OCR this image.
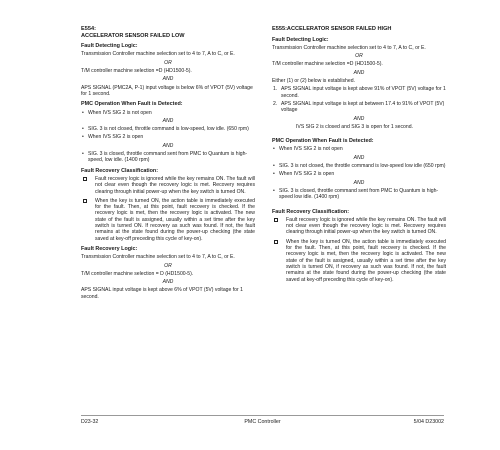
E554:
ACCELERATOR SENSOR FAILED LOW
Fault Detecting Logic:

Transmission Controller machine selection set to 4 to 7, A to C, or E.

OR

T/M controller machine selection =D (HD1500-5).

AND

APS SIGNAL (PMC2A, P-1) input voltage is below 6% of VPOT (5V) voltage for 1 second.

PMC Operation When Fault is Detected:
• When IVS SIG 2 is not open
AND
• SIG. 3 is not closed, throttle command is low-speed, low idle. (650 rpm)
• When IVS SIG 2 is open
AND
• SIG. 3 is closed, throttle command sent from PMC to Quantum is high-speed, low idle. (1400 rpm)
Fault Recovery Classification:
Fault recovery logic is ignored while the key remains ON. The fault will not clear even though the recovery logic is met. Recovery requires clearing through initial power-up when the key switch is turned ON.
When the key is turned ON, the action table is immediately executed for the fault. Then, at this point, fault recovery is checked. If the recovery logic is met, then the recovery logic is activated. The new state of the fault is assigned, usually within a set time after the key switch is turned ON. If recovery as such was found. If not, the fault remains at the state found during the power-up checking (the state saved at key-off preceding this cycle of key-on).
Fault Recovery Logic:

Transmission Controller machine selection set to 4 to 7, A to C, or E.

OR

T/M controller machine selection = D (HD1500-5).

AND

APS SIGNAL input voltage is kept above 6% of VPOT (5V) voltage for 1 second.

E555:ACCELERATOR SENSOR FAILED HIGH
Fault Detecting Logic:

Transmission Controller machine selection set to 4 to 7, A to C, or E.

OR

T/M controller machine selection =D (HD1500-5).

AND

Either (1) or (2) below is established.

1. APS SIGNAL input voltage is kept above 91% of VPOT (5V) voltage for 1 second.
2. APS SIGNAL input voltage is kept at between 17.4 to 91% of VPOT (5V) voltage
AND

IVS SIG 2 is closed and SIG 3 is open for 1 second.

PMC Operation When Fault is Detected:
• When IVS SIG 2 is not open
AND
• SIG. 3 is not closed, the throttle command is low-speed low idle (650 rpm)
• When IVS SIG 2 is open
AND
• SIG. 3 is closed, throttle command sent from PMC to Quantum is high-speed low idle. (1400 rpm)
Fault Recovery Classification:
Fault recovery logic is ignored while the key remains ON. The fault will not clear even though the recovery logic is met. Recovery requires clearing through initial power-up when the key switch is turned ON.
When the key is turned ON, the action table is immediately executed for the fault. Then, at this point, fault recovery is checked. If the recovery logic is met, then the recovery logic is activated. The new state of the fault is assigned, usually within a set time after the key switch is turned ON, if recovery as such was found. If not, the fault remains at the state found during the power-up checking (the state saved at key-off preceding this cycle of key-on).
D23-32	PMC Controller	5/04 D23002
